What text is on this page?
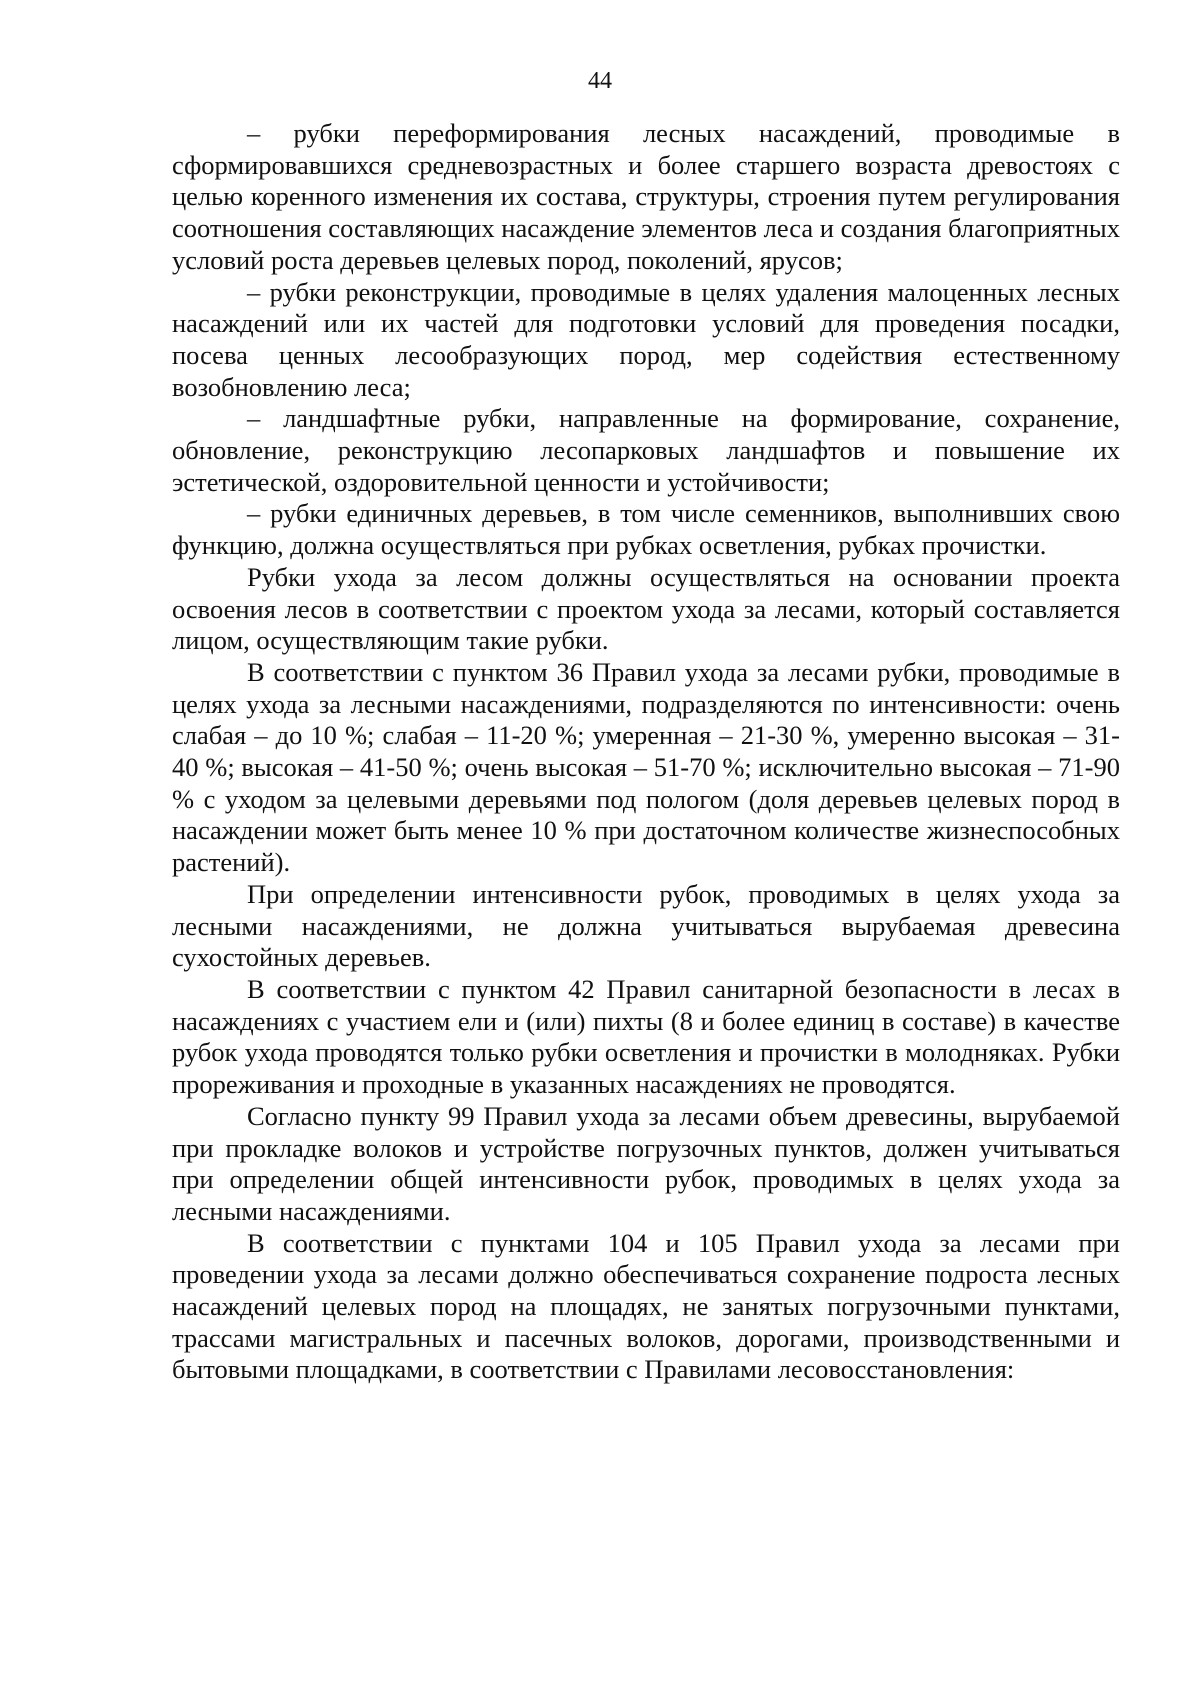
44

– рубки переформирования лесных насаждений, проводимые в сформировавшихся средневозрастных и более старшего возраста древостоях с целью коренного изменения их состава, структуры, строения путем регулирования соотношения составляющих насаждение элементов леса и создания благоприятных условий роста деревьев целевых пород, поколений, ярусов;

– рубки реконструкции, проводимые в целях удаления малоценных лесных насаждений или их частей для подготовки условий для проведения посадки, посева ценных лесообразующих пород, мер содействия естественному возобновлению леса;

– ландшафтные рубки, направленные на формирование, сохранение, обновление, реконструкцию лесопарковых ландшафтов и повышение их эстетической, оздоровительной ценности и устойчивости;

– рубки единичных деревьев, в том числе семенников, выполнивших свою функцию, должна осуществляться при рубках осветления, рубках прочистки.

Рубки ухода за лесом должны осуществляться на основании проекта освоения лесов в соответствии с проектом ухода за лесами, который составляется лицом, осуществляющим такие рубки.

В соответствии с пунктом 36 Правил ухода за лесами рубки, проводимые в целях ухода за лесными насаждениями, подразделяются по интенсивности: очень слабая – до 10 %; слабая – 11-20 %; умеренная – 21-30 %, умеренно высокая – 31-40 %; высокая – 41-50 %; очень высокая – 51-70 %; исключительно высокая – 71-90 % с уходом за целевыми деревьями под пологом (доля деревьев целевых пород в насаждении может быть менее 10 % при достаточном количестве жизнеспособных растений).

При определении интенсивности рубок, проводимых в целях ухода за лесными насаждениями, не должна учитываться вырубаемая древесина сухостойных деревьев.

В соответствии с пунктом 42 Правил санитарной безопасности в лесах в насаждениях с участием ели и (или) пихты (8 и более единиц в составе) в качестве рубок ухода проводятся только рубки осветления и прочистки в молодняках. Рубки прореживания и проходные в указанных насаждениях не проводятся.

Согласно пункту 99 Правил ухода за лесами объем древесины, вырубаемой при прокладке волоков и устройстве погрузочных пунктов, должен учитываться при определении общей интенсивности рубок, проводимых в целях ухода за лесными насаждениями.

В соответствии с пунктами 104 и 105 Правил ухода за лесами при проведении ухода за лесами должно обеспечиваться сохранение подроста лесных насаждений целевых пород на площадях, не занятых погрузочными пунктами, трассами магистральных и пасечных волоков, дорогами, производственными и бытовыми площадками, в соответствии с Правилами лесовосстановления:
